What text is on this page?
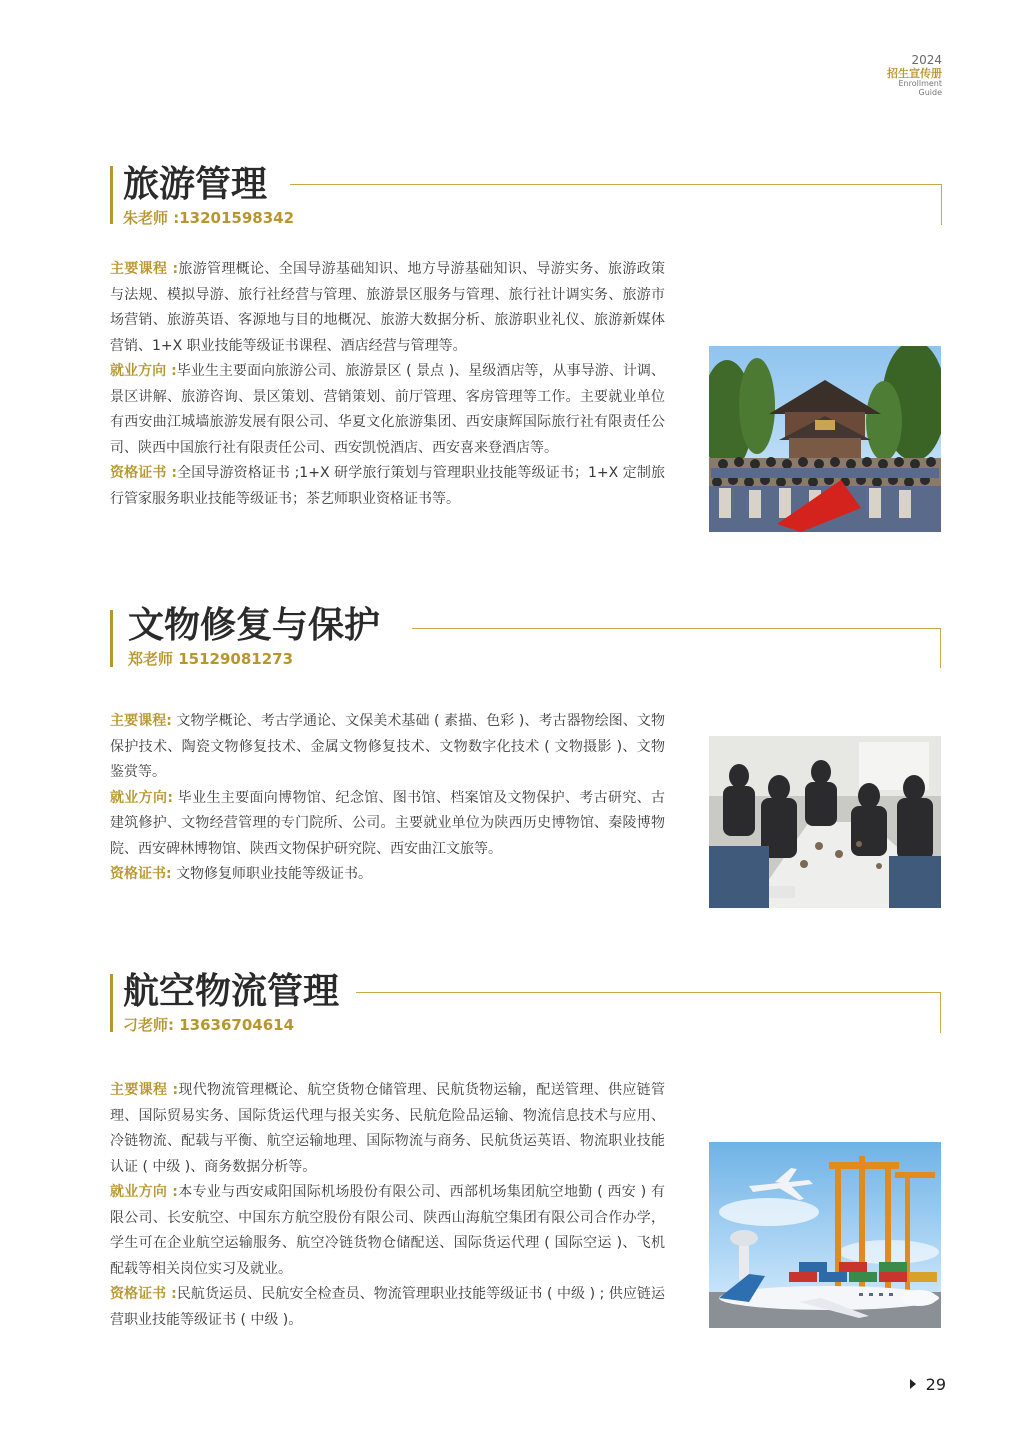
2024
招生宣传册
Enrollment
Guide
旅游管理
朱老师 :13201598342

主要课程 :旅游管理概论、全国导游基础知识、地方导游基础知识、导游实务、旅游政策与法规、模拟导游、旅行社经营与管理、旅游景区服务与管理、旅行社计调实务、旅游市场营销、旅游英语、客源地与目的地概况、旅游大数据分析、旅游职业礼仪、旅游新媒体营销、1+X 职业技能等级证书课程、酒店经营与管理等。

就业方向 :毕业生主要面向旅游公司、旅游景区 ( 景点 )、星级酒店等，从事导游、计调、景区讲解、旅游咨询、景区策划、营销策划、前厅管理、客房管理等工作。主要就业单位有西安曲江城墙旅游发展有限公司、华夏文化旅游集团、西安康辉国际旅行社有限责任公司、陕西中国旅行社有限责任公司、西安凯悦酒店、西安喜来登酒店等。

资格证书 :全国导游资格证书 ;1+X 研学旅行策划与管理职业技能等级证书；1+X 定制旅行管家服务职业技能等级证书；茶艺师职业资格证书等。

文物修复与保护
郑老师 15129081273

主要课程: 文物学概论、考古学通论、文保美术基础 ( 素描、色彩 )、考古器物绘图、文物保护技术、陶瓷文物修复技术、金属文物修复技术、文物数字化技术 ( 文物摄影 )、文物鉴赏等。

就业方向: 毕业生主要面向博物馆、纪念馆、图书馆、档案馆及文物保护、考古研究、古建筑修护、文物经营管理的专门院所、公司。主要就业单位为陕西历史博物馆、秦陵博物院、西安碑林博物馆、陕西文物保护研究院、西安曲江文旅等。

资格证书: 文物修复师职业技能等级证书。

航空物流管理
刁老师: 13636704614

主要课程 :现代物流管理概论、航空货物仓储管理、民航货物运输，配送管理、供应链管理、国际贸易实务、国际货运代理与报关实务、民航危险品运输、物流信息技术与应用、冷链物流、配载与平衡、航空运输地理、国际物流与商务、民航货运英语、物流职业技能认证 ( 中级 )、商务数据分析等。

就业方向 :本专业与西安咸阳国际机场股份有限公司、西部机场集团航空地勤 ( 西安 ) 有限公司、长安航空、中国东方航空股份有限公司、陕西山海航空集团有限公司合作办学，学生可在企业航空运输服务、航空冷链货物仓储配送、国际货运代理 ( 国际空运 )、飞机配载等相关岗位实习及就业。

资格证书 :民航货运员、民航安全检查员、物流管理职业技能等级证书 ( 中级 ) ; 供应链运营职业技能等级证书 ( 中级 )。

29
